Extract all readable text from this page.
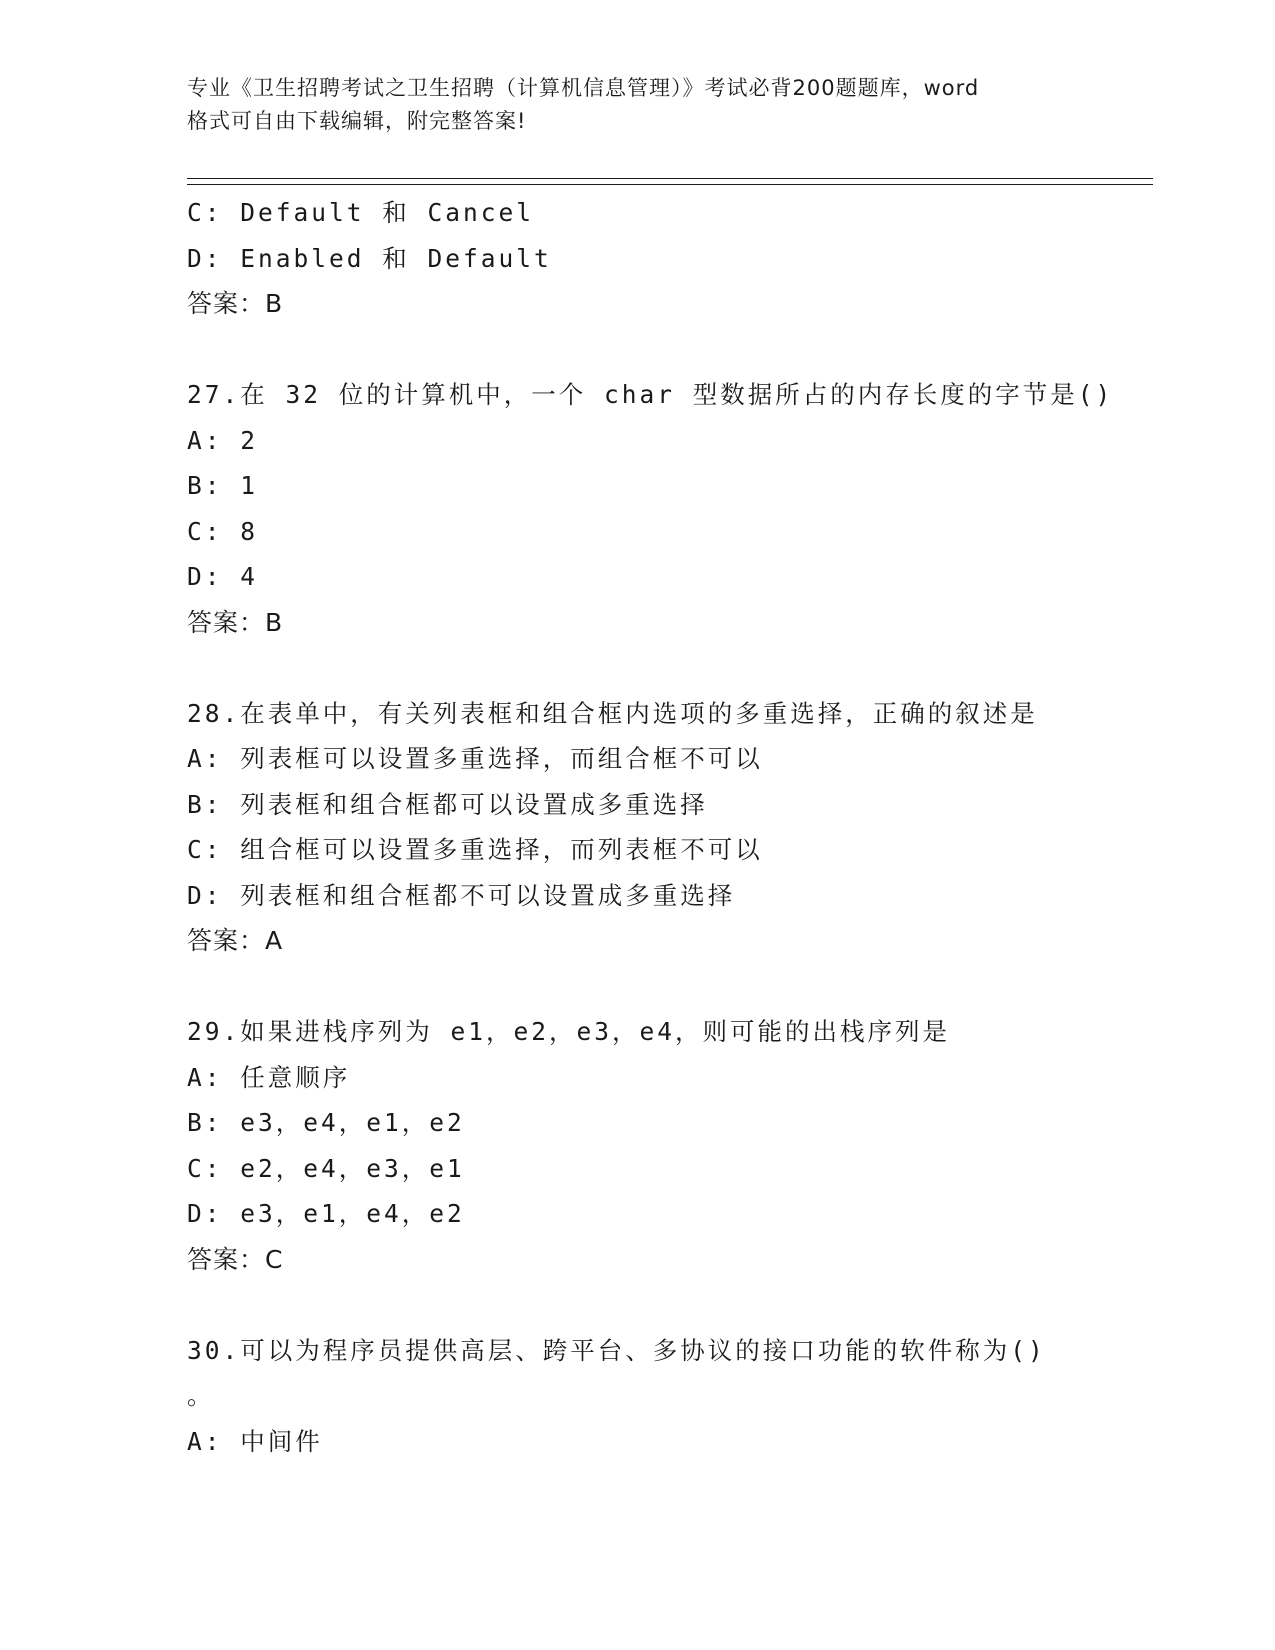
专业《卫生招聘考试之卫生招聘（计算机信息管理）》考试必背200题题库，word
格式可自由下载编辑，附完整答案!
C: Default 和 Cancel
D: Enabled 和 Default
答案：B
27.在 32 位的计算机中，一个 char 型数据所占的内存长度的字节是()
A: 2
B: 1
C: 8
D: 4
答案：B
28.在表单中，有关列表框和组合框内选项的多重选择，正确的叙述是
A: 列表框可以设置多重选择，而组合框不可以
B: 列表框和组合框都可以设置成多重选择
C: 组合框可以设置多重选择，而列表框不可以
D: 列表框和组合框都不可以设置成多重选择
答案：A
29.如果进栈序列为 e1，e2，e3，e4，则可能的出栈序列是
A: 任意顺序
B: e3，e4，e1，e2
C: e2，e4，e3，e1
D: e3，e1，e4，e2
答案：C
30.可以为程序员提供高层、跨平台、多协议的接口功能的软件称为()
。
A: 中间件
